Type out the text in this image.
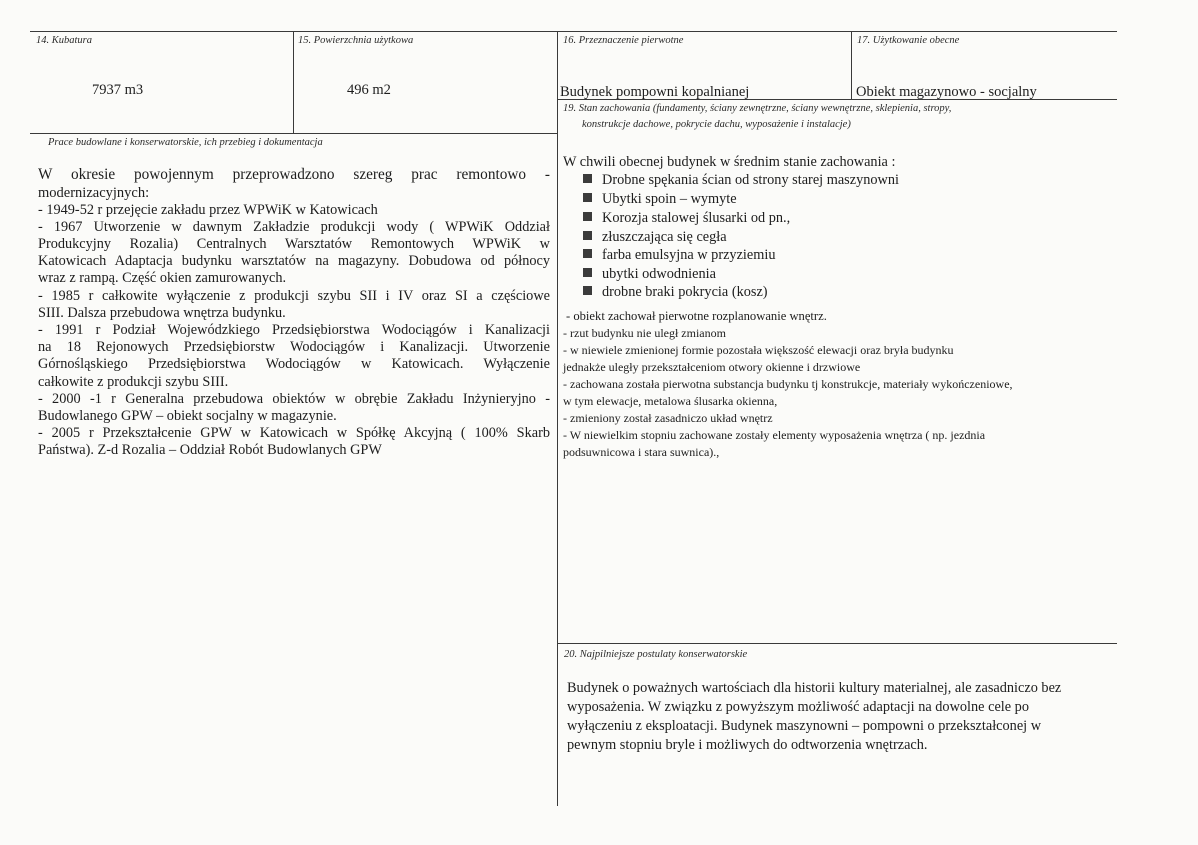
14. Kubatura
7937 m3
15. Powierzchnia użytkowa
496 m2
16. Przeznaczenie pierwotne
Budynek pompowni kopalnianej
17. Użytkowanie obecne
Obiekt magazynowo - socjalny
Prace budowlane i konserwatorskie, ich przebieg i dokumentacja
W okresie powojennym przeprowadzono szereg prac remontowo -
modernizacyjnych:
- 1949-52 r przejęcie zakładu przez WPWiK w Katowicach
- 1967 Utworzenie w dawnym Zakładzie produkcji wody ( WPWiK Oddział
Produkcyjny Rozalia) Centralnych Warsztatów Remontowych WPWiK w
Katowicach Adaptacja budynku warsztatów na magazyny. Dobudowa od północy
wraz z rampą. Część okien zamurowanych.
- 1985 r całkowite wyłączenie z produkcji szybu SII i IV oraz SI a częściowe
SIII. Dalsza przebudowa wnętrza budynku.
- 1991 r Podział Wojewódzkiego Przedsiębiorstwa Wodociągów i Kanalizacji
na 18 Rejonowych Przedsiębiorstw Wodociągów i Kanalizacji. Utworzenie
Górnośląskiego Przedsiębiorstwa Wodociągów w Katowicach. Wyłączenie
całkowite z produkcji szybu SIII.
- 2000 -1 r Generalna przebudowa obiektów w obrębie Zakładu Inżynieryjno -
Budowlanego GPW – obiekt socjalny w magazynie.
- 2005 r Przekształcenie GPW w Katowicach w Spółkę Akcyjną ( 100% Skarb
Państwa). Z-d Rozalia – Oddział Robót Budowlanych GPW
19. Stan zachowania (fundamenty, ściany zewnętrzne, ściany wewnętrzne, sklepienia, stropy,
konstrukcje dachowe, pokrycie dachu, wyposażenie i instalacje)
W chwili obecnej budynek w średnim stanie zachowania :
Drobne spękania ścian od strony starej maszynowni
Ubytki spoin – wymyte
Korozja stalowej ślusarki od pn.,
złuszczająca się cegła
farba emulsyjna w przyziemiu
ubytki odwodnienia
drobne braki pokrycia (kosz)
- obiekt zachował pierwotne rozplanowanie wnętrz.
- rzut budynku nie uległ zmianom
- w niewiele zmienionej formie pozostała większość elewacji oraz bryła budynku
jednakże uległy przekształceniom otwory okienne i drzwiowe
- zachowana została pierwotna substancja budynku tj konstrukcje, materiały wykończeniowe,
w tym elewacje, metalowa ślusarka okienna,
- zmieniony został zasadniczo układ wnętrz
- W niewielkim stopniu zachowane zostały elementy wyposażenia wnętrza ( np. jezdnia
podsuwnicowa i stara suwnica).,
20. Najpilniejsze postulaty konserwatorskie
Budynek o poważnych wartościach dla historii kultury materialnej, ale zasadniczo bez
wyposażenia. W związku z powyższym możliwość adaptacji na dowolne cele po
wyłączeniu z eksploatacji. Budynek maszynowni – pompowni o przekształconej w
pewnym stopniu bryle i możliwych do odtworzenia wnętrzach.
